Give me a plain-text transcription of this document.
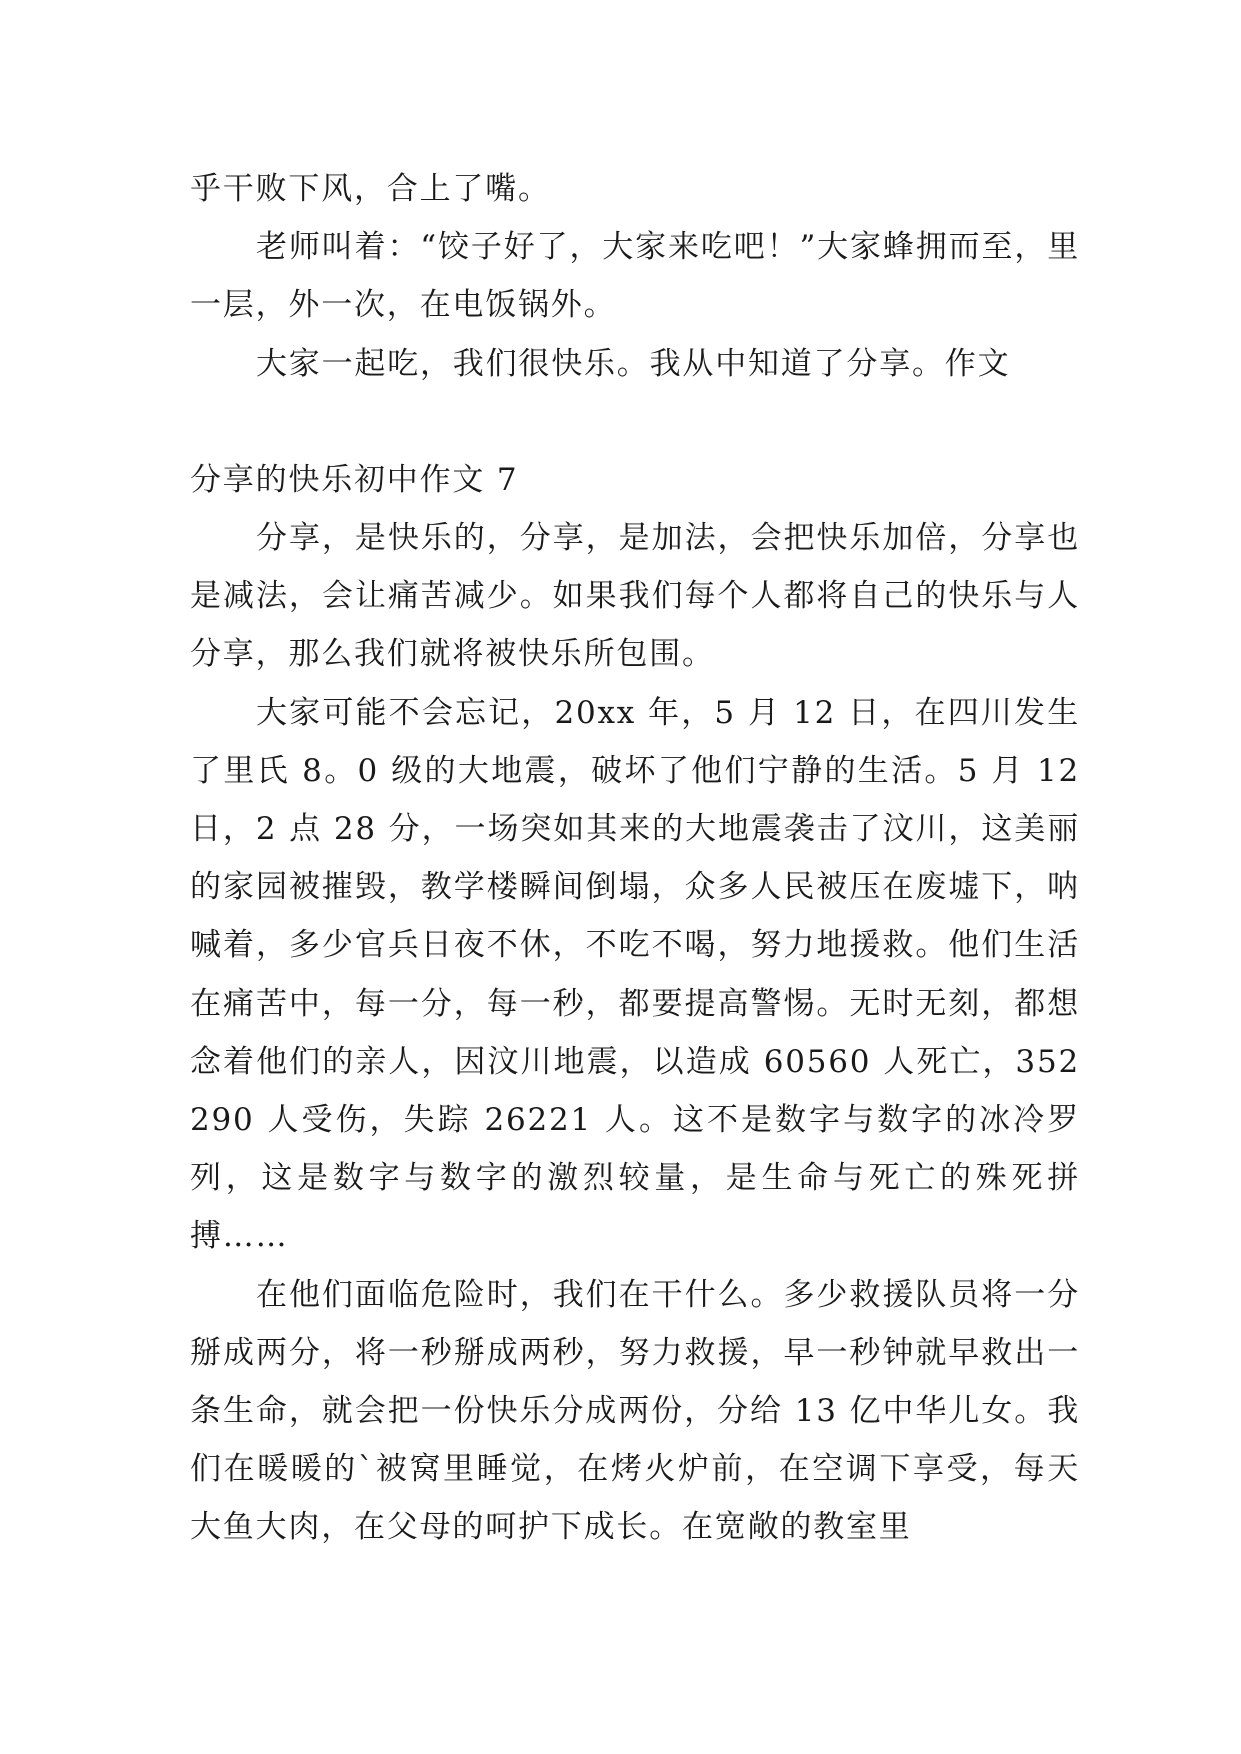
乎干败下风，合上了嘴。

老师叫着：“饺子好了，大家来吃吧！”大家蜂拥而至，里一层，外一次，在电饭锅外。

大家一起吃，我们很快乐。我从中知道了分享。作文

分享的快乐初中作文 7

分享，是快乐的，分享，是加法，会把快乐加倍，分享也是减法，会让痛苦减少。如果我们每个人都将自己的快乐与人分享，那么我们就将被快乐所包围。

大家可能不会忘记，20xx 年，5 月 12 日，在四川发生了里氏 8。0 级的大地震，破坏了他们宁静的生活。5 月 12 日，2 点 28 分，一场突如其来的大地震袭击了汶川，这美丽的家园被摧毁，教学楼瞬间倒塌，众多人民被压在废墟下，呐喊着，多少官兵日夜不休，不吃不喝，努力地援救。他们生活在痛苦中，每一分，每一秒，都要提高警惕。无时无刻，都想念着他们的亲人，因汶川地震，以造成 60560 人死亡，352290 人受伤，失踪 26221 人。这不是数字与数字的冰冷罗列，这是数字与数字的激烈较量，是生命与死亡的殊死拼搏……

在他们面临危险时，我们在干什么。多少救援队员将一分掰成两分，将一秒掰成两秒，努力救援，早一秒钟就早救出一条生命，就会把一份快乐分成两份，分给 13 亿中华儿女。我们在暖暖的`被窝里睡觉，在烤火炉前，在空调下享受，每天大鱼大肉，在父母的呵护下成长。在宽敞的教室里
